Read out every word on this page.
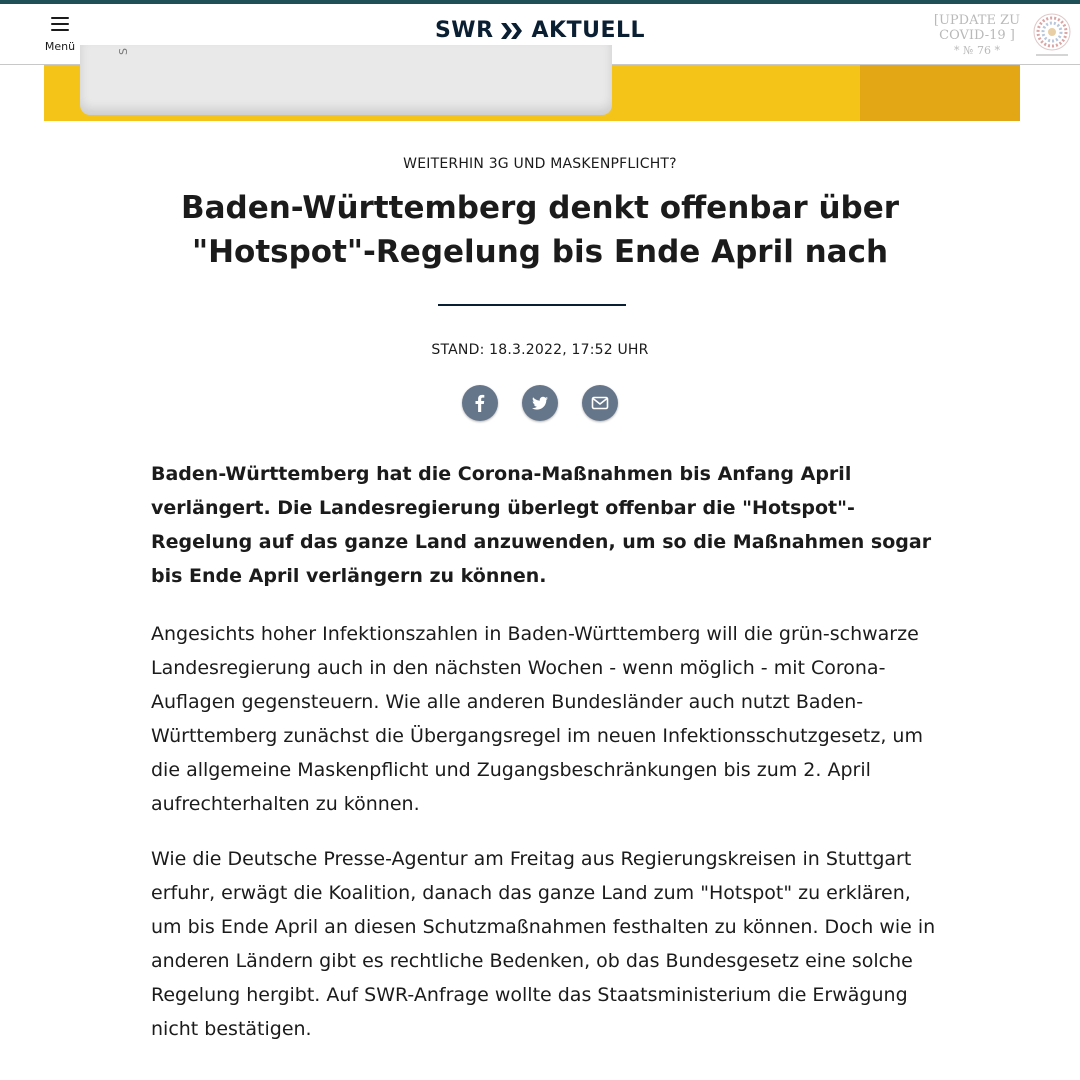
Menü
SWR AKTUELL	[UPDATE ZU
COVID-19 ]
* № 76 *
S
WEITERHIN 3G UND MASKENPFLICHT?
Baden-Württemberg denkt offenbar über "Hotspot"-Regelung bis Ende April nach
STAND: 18.3.2022, 17:52 UHR

Baden-Württemberg hat die Corona-Maßnahmen bis Anfang April verlängert. Die Landesregierung überlegt offenbar die "Hotspot"-Regelung auf das ganze Land anzuwenden, um so die Maßnahmen sogar bis Ende April verlängern zu können.

Angesichts hoher Infektionszahlen in Baden-Württemberg will die grün-schwarze Landesregierung auch in den nächsten Wochen - wenn möglich - mit Corona-Auflagen gegensteuern. Wie alle anderen Bundesländer auch nutzt Baden-Württemberg zunächst die Übergangsregel im neuen Infektionsschutzgesetz, um die allgemeine Maskenpflicht und Zugangsbeschränkungen bis zum 2. April aufrechterhalten zu können.

Wie die Deutsche Presse-Agentur am Freitag aus Regierungskreisen in Stuttgart erfuhr, erwägt die Koalition, danach das ganze Land zum "Hotspot" zu erklären, um bis Ende April an diesen Schutzmaßnahmen festhalten zu können. Doch wie in anderen Ländern gibt es rechtliche Bedenken, ob das Bundesgesetz eine solche Regelung hergibt. Auf SWR-Anfrage wollte das Staatsministerium die Erwägung nicht bestätigen.
